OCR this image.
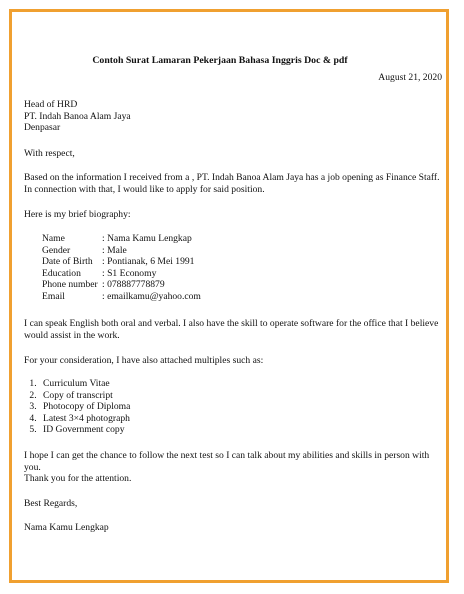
Contoh Surat Lamaran Pekerjaan Bahasa Inggris Doc & pdf
August 21, 2020

Head of HRD

PT. Indah Banoa Alam Jaya

Denpasar

With respect,
Based on the information I received from a , PT. Indah Banoa Alam Jaya has a job opening as Finance Staff. In connection with that, I would like to apply for said position.
Here is my brief biography:
Name	: Nama Kamu Lengkap
Gender	: Male
Date of Birth : Pontianak, 6 Mei 1991
Education	: S1 Economy
Phone number : 078887778879
Email	: emailkamu@yahoo.com
I can speak English both oral and verbal. I also have the skill to operate software for the office that I believe would assist in the work.
For your consideration, I have also attached multiples such as:
1. Curriculum Vitae
2. Copy of transcript
3. Photocopy of Diploma
4. Latest 3×4 photograph
5. ID Government copy

I hope I can get the chance to follow the next test so I can talk about my abilities and skills in person with you.

Thank you for the attention.

Best Regards,
Nama Kamu Lengkap
